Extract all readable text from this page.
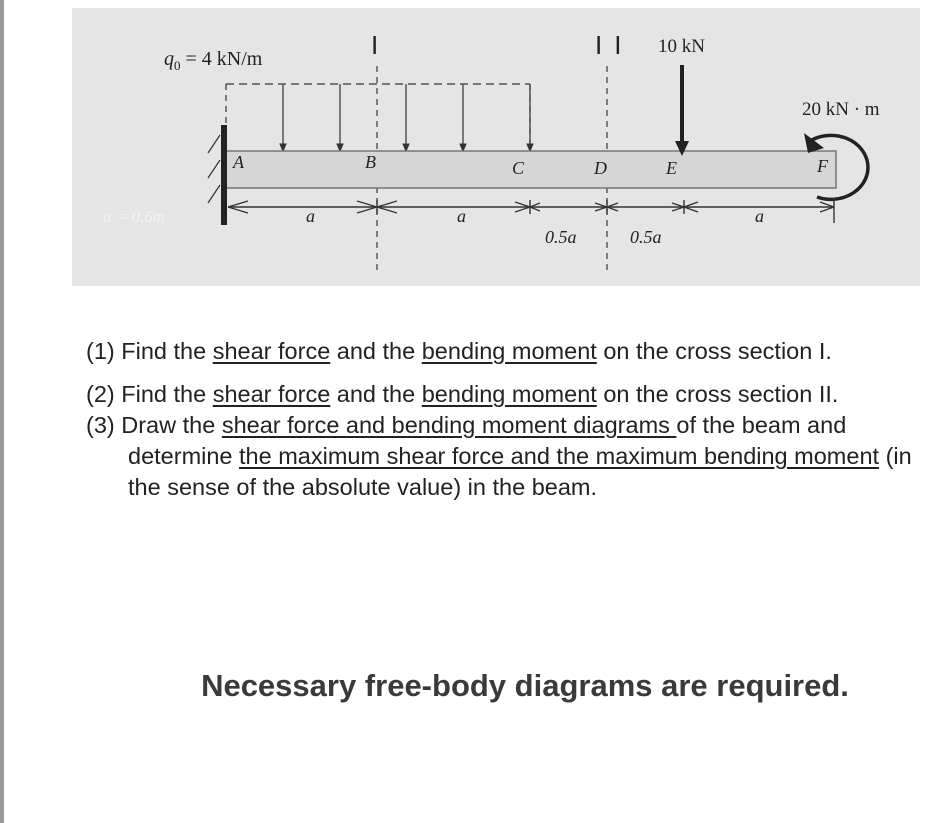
$q_0 = 4$ kN/m	I	II
A	B	C	D	E	F
10 kN
20 kN · m
a	a
0.5a	0.5a
a
a = 0.6m
(1) Find the shear force and the bending moment on the cross section I.
(2) Find the shear force and the bending moment on the cross section II.
(3) Draw the shear force and bending moment diagrams of the beam and determine the maximum shear force and the maximum bending moment (in the sense of the absolute value) in the beam.
Necessary free-body diagrams are required.
